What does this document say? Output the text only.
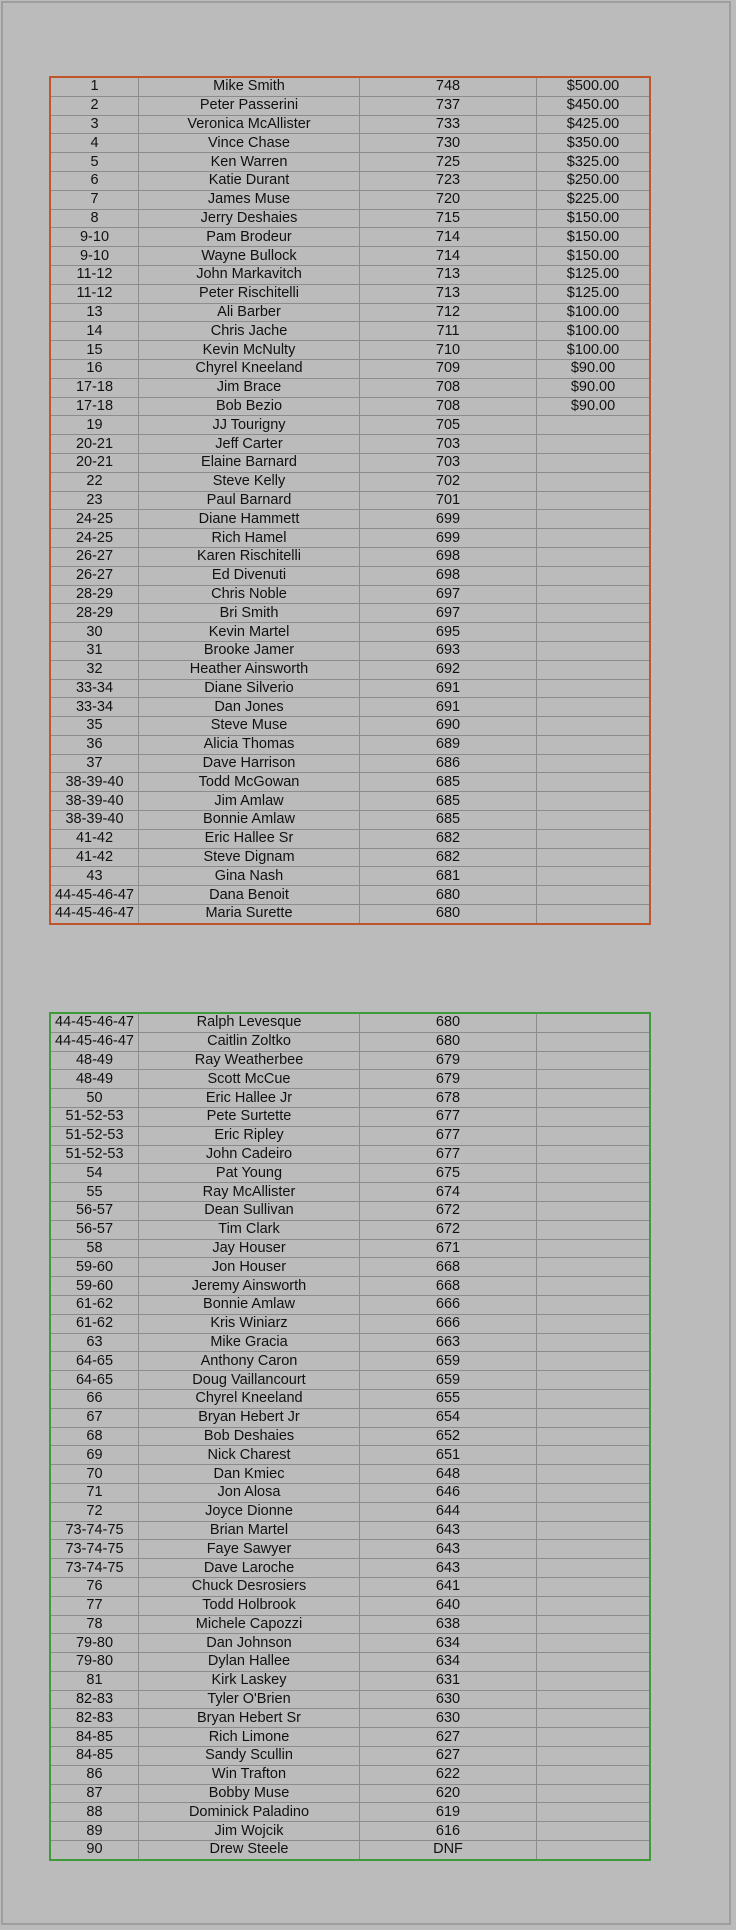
1	Mike Smith	748	$500.00
2	Peter Passerini	737	$450.00
3	Veronica McAllister	733	$425.00
4	Vince Chase	730	$350.00
5	Ken Warren	725	$325.00
6	Katie Durant	723	$250.00
7	James Muse	720	$225.00
8	Jerry Deshaies	715	$150.00
9-10	Pam Brodeur	714	$150.00
9-10	Wayne Bullock	714	$150.00
11-12	John Markavitch	713	$125.00
11-12	Peter Rischitelli	713	$125.00
13	Ali Barber	712	$100.00
14	Chris Jache	711	$100.00
15	Kevin McNulty	710	$100.00
16	Chyrel Kneeland	709	$90.00
17-18	Jim Brace	708	$90.00
17-18	Bob Bezio	708	$90.00
19	JJ Tourigny	705	
20-21	Jeff Carter	703	
20-21	Elaine Barnard	703	
22	Steve Kelly	702	
23	Paul Barnard	701	
24-25	Diane Hammett	699	
24-25	Rich Hamel	699	
26-27	Karen Rischitelli	698	
26-27	Ed Divenuti	698	
28-29	Chris Noble	697	
28-29	Bri Smith	697	
30	Kevin Martel	695	
31	Brooke Jamer	693	
32	Heather Ainsworth	692	
33-34	Diane Silverio	691	
33-34	Dan Jones	691	
35	Steve Muse	690	
36	Alicia Thomas	689	
37	Dave Harrison	686	
38-39-40	Todd McGowan	685	
38-39-40	Jim Amlaw	685	
38-39-40	Bonnie Amlaw	685	
41-42	Eric Hallee Sr	682	
41-42	Steve Dignam	682	
43	Gina Nash	681	
44-45-46-47	Dana Benoit	680	
44-45-46-47	Maria Surette	680	
44-45-46-47	Ralph Levesque	680	
44-45-46-47	Caitlin Zoltko	680	
48-49	Ray Weatherbee	679	
48-49	Scott McCue	679	
50	Eric Hallee Jr	678	
51-52-53	Pete Surtette	677	
51-52-53	Eric Ripley	677	
51-52-53	John Cadeiro	677	
54	Pat Young	675	
55	Ray McAllister	674	
56-57	Dean Sullivan	672	
56-57	Tim Clark	672	
58	Jay Houser	671	
59-60	Jon Houser	668	
59-60	Jeremy Ainsworth	668	
61-62	Bonnie Amlaw	666	
61-62	Kris Winiarz	666	
63	Mike Gracia	663	
64-65	Anthony Caron	659	
64-65	Doug Vaillancourt	659	
66	Chyrel Kneeland	655	
67	Bryan Hebert Jr	654	
68	Bob Deshaies	652	
69	Nick Charest	651	
70	Dan Kmiec	648	
71	Jon Alosa	646	
72	Joyce Dionne	644	
73-74-75	Brian Martel	643	
73-74-75	Faye Sawyer	643	
73-74-75	Dave Laroche	643	
76	Chuck Desrosiers	641	
77	Todd Holbrook	640	
78	Michele Capozzi	638	
79-80	Dan Johnson	634	
79-80	Dylan Hallee	634	
81	Kirk Laskey	631	
82-83	Tyler O'Brien	630	
82-83	Bryan Hebert Sr	630	
84-85	Rich Limone	627	
84-85	Sandy Scullin	627	
86	Win Trafton	622	
87	Bobby Muse	620	
88	Dominick Paladino	619	
89	Jim Wojcik	616	
90	Drew Steele	DNF	
